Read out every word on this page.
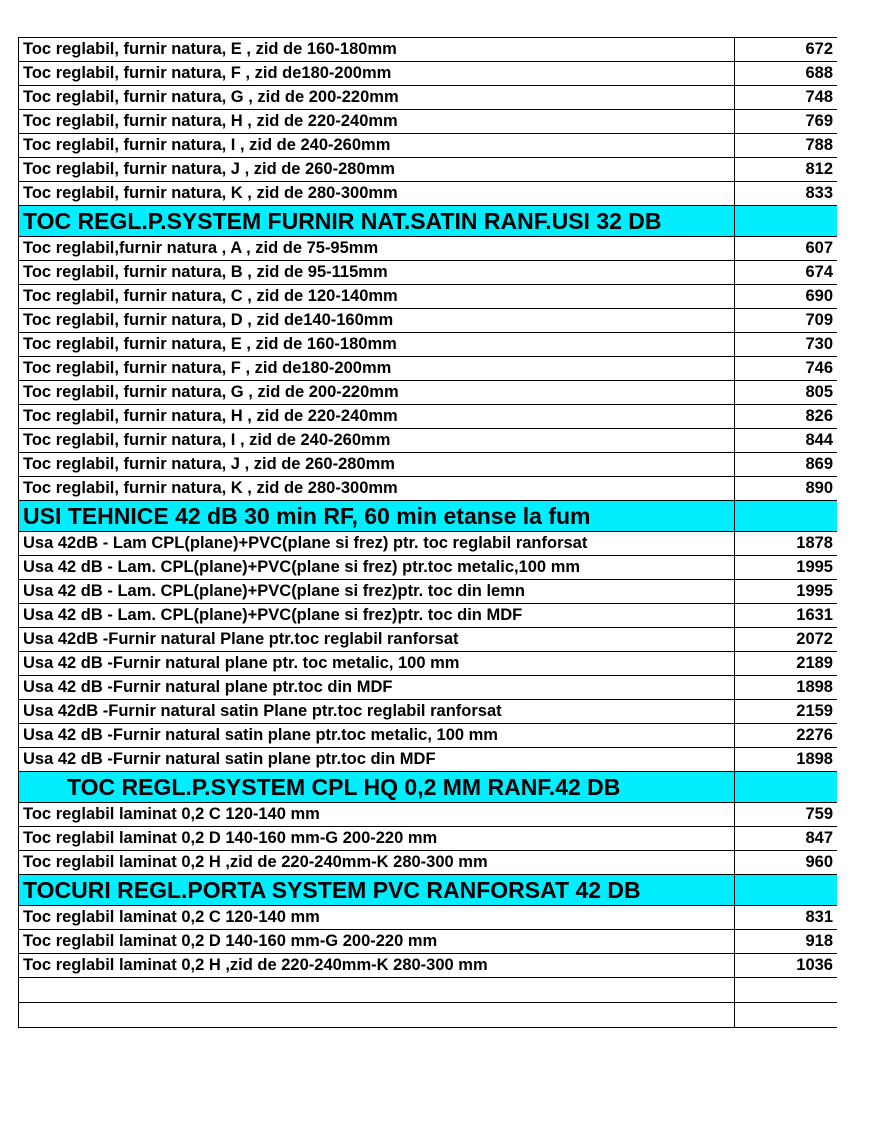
Toc reglabil, furnir natura, E , zid de 160-180mm	672
Toc reglabil, furnir natura, F , zid de180-200mm	688
Toc reglabil, furnir natura, G , zid de 200-220mm	748
Toc reglabil, furnir natura, H , zid de 220-240mm	769
Toc reglabil, furnir natura, I , zid de 240-260mm	788
Toc reglabil, furnir natura, J , zid de 260-280mm	812
Toc reglabil, furnir natura, K , zid de 280-300mm	833
TOC REGL.P.SYSTEM FURNIR NAT.SATIN RANF.USI 32 DB
Toc reglabil,furnir natura , A , zid de 75-95mm	607
Toc reglabil, furnir natura, B , zid de 95-115mm	674
Toc reglabil, furnir natura, C , zid de 120-140mm	690
Toc reglabil, furnir natura, D , zid de140-160mm	709
Toc reglabil, furnir natura, E , zid de 160-180mm	730
Toc reglabil, furnir natura, F , zid de180-200mm	746
Toc reglabil, furnir natura, G , zid de 200-220mm	805
Toc reglabil, furnir natura, H , zid de 220-240mm	826
Toc reglabil, furnir natura, I , zid de 240-260mm	844
Toc reglabil, furnir natura, J , zid de 260-280mm	869
Toc reglabil, furnir natura, K , zid de 280-300mm	890
USI TEHNICE 42 dB 30 min RF, 60 min etanse la fum
Usa 42dB - Lam CPL(plane)+PVC(plane si frez) ptr. toc reglabil ranforsat	1878
Usa 42 dB - Lam. CPL(plane)+PVC(plane si frez) ptr.toc metalic,100 mm	1995
Usa 42 dB - Lam. CPL(plane)+PVC(plane si frez)ptr. toc din lemn	1995
Usa 42 dB - Lam. CPL(plane)+PVC(plane si frez)ptr. toc din MDF	1631
Usa 42dB -Furnir natural Plane ptr.toc reglabil ranforsat	2072
Usa 42 dB -Furnir natural plane ptr. toc metalic, 100 mm	2189
Usa 42 dB -Furnir natural plane ptr.toc din MDF	1898
Usa 42dB -Furnir natural satin Plane ptr.toc reglabil ranforsat	2159
Usa 42 dB -Furnir natural satin plane ptr.toc metalic, 100 mm	2276
Usa 42 dB -Furnir natural satin plane ptr.toc din MDF	1898
TOC REGL.P.SYSTEM CPL HQ 0,2 MM RANF.42 DB
Toc reglabil laminat 0,2 C 120-140 mm	759
Toc reglabil laminat 0,2 D 140-160 mm-G 200-220 mm	847
Toc reglabil laminat 0,2 H ,zid de 220-240mm-K 280-300 mm	960
TOCURI REGL.PORTA SYSTEM PVC RANFORSAT 42 DB
Toc reglabil laminat 0,2 C 120-140 mm	831
Toc reglabil laminat 0,2 D 140-160 mm-G 200-220 mm	918
Toc reglabil laminat 0,2 H ,zid de 220-240mm-K 280-300 mm	1036
